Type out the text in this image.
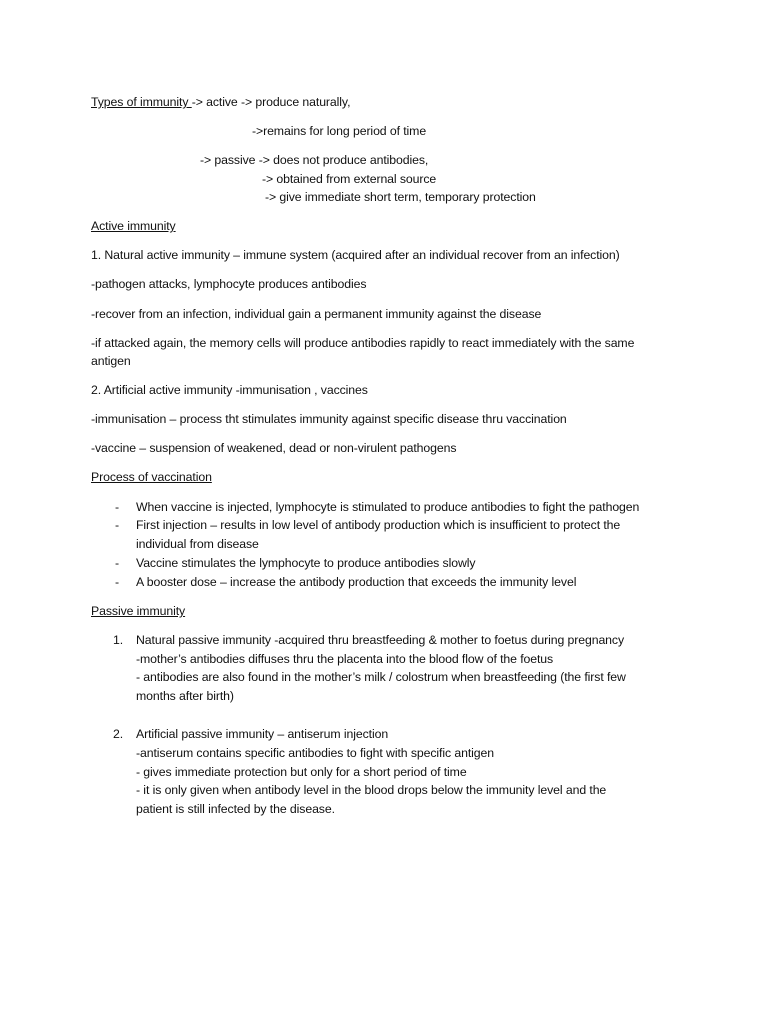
Types of immunity -> active -> produce naturally,
->remains for long period of time
-> passive -> does not produce antibodies,
-> obtained from external source
-> give immediate short term, temporary protection
Active immunity
1. Natural active immunity – immune system (acquired after an individual recover from an infection)
-pathogen attacks, lymphocyte produces antibodies
-recover from an infection, individual gain a permanent immunity against the disease
-if attacked again, the memory cells will produce antibodies rapidly to react immediately with the same
antigen
2. Artificial active immunity -immunisation , vaccines
-immunisation – process tht stimulates immunity against specific disease thru vaccination
-vaccine – suspension of weakened, dead or non-virulent pathogens
Process of vaccination
- When vaccine is injected, lymphocyte is stimulated to produce antibodies to fight the pathogen
- First injection – results in low level of antibody production which is insufficient to protect the
individual from disease
- Vaccine stimulates the lymphocyte to produce antibodies slowly
- A booster dose – increase the antibody production that exceeds the immunity level
Passive immunity
1. Natural passive immunity -acquired thru breastfeeding & mother to foetus during pregnancy
-mother’s antibodies diffuses thru the placenta into the blood flow of the foetus
- antibodies are also found in the mother’s milk / colostrum when breastfeeding (the first few
months after birth)
2. Artificial passive immunity – antiserum injection
-antiserum contains specific antibodies to fight with specific antigen
- gives immediate protection but only for a short period of time
- it is only given when antibody level in the blood drops below the immunity level and the
patient is still infected by the disease.
